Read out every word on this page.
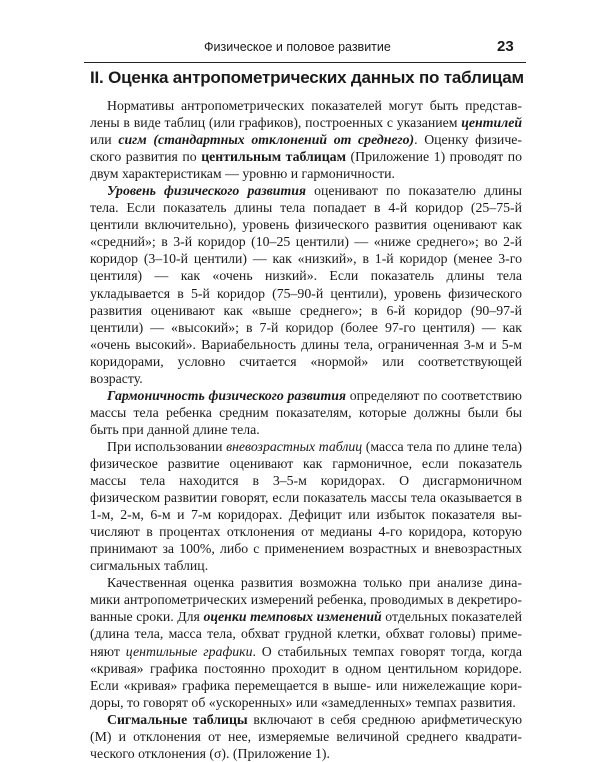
Физическое и половое развитие	23
II. Оценка антропометрических данных по таблицам

Нормативы антропометрических показателей могут быть представлены в виде таблиц (или графиков), построенных с указанием центилей или сигм (стандартных отклонений от среднего). Оценку физического развития по центильным таблицам (Приложение 1) проводят по двум характеристикам — уровню и гармоничности.

Уровень физического развития оценивают по показателю длины тела. Если показатель длины тела попадает в 4-й коридор (25–75-й центили включительно), уровень физического развития оценивают как «средний»; в 3-й коридор (10–25 центили) — «ниже среднего»; во 2-й коридор (3–10-й центили) — как «низкий», в 1-й коридор (менее 3-го центиля) — как «очень низкий». Если показатель длины тела укладывается в 5-й коридор (75–90-й центили), уровень физического развития оценивают как «выше среднего»; в 6-й коридор (90–97-й центили) — «высокий»; в 7-й коридор (более 97-го центиля) — как «очень высокий». Вариабельность длины тела, ограниченная 3-м и 5-м коридорами, условно считается «нормой» или соответствующей возрасту.

Гармоничность физического развития определяют по соответствию массы тела ребенка средним показателям, которые должны были бы быть при данной длине тела.

При использовании вневозрастных таблиц (масса тела по длине тела) физическое развитие оценивают как гармоничное, если показатель массы тела находится в 3–5-м коридорах. О дисгармоничном физическом развитии говорят, если показатель массы тела оказывается в 1-м, 2-м, 6-м и 7-м коридорах. Дефицит или избыток показателя вычисляют в процентах отклонения от медианы 4-го коридора, которую принимают за 100%, либо с применением возрастных и вневозрастных сигмальных таблиц.

Качественная оценка развития возможна только при анализе динамики антропометрических измерений ребенка, проводимых в декретированные сроки. Для оценки темповых изменений отдельных показателей (длина тела, масса тела, обхват грудной клетки, обхват головы) применяют центильные графики. О стабильных темпах говорят тогда, когда «кривая» графика постоянно проходит в одном центильном коридоре. Если «кривая» графика перемещается в выше- или нижележащие коридоры, то говорят об «ускоренных» или «замедленных» темпах развития.

Сигмальные таблицы включают в себя среднюю арифметическую (М) и отклонения от нее, измеряемые величиной среднего квадратического отклонения (σ). (Приложение 1).
